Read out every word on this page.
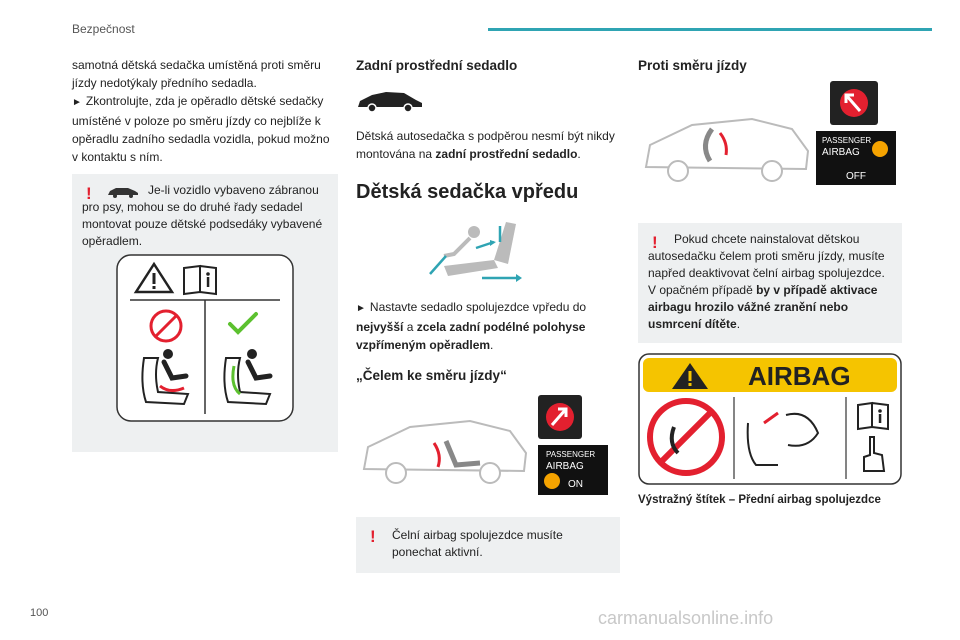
Bezpečnost

samotná dětská sedačka umístěná proti směru jízdy nedotýkaly předního sedadla.

► Zkontrolujte, zda je opěradlo dětské sedačky umístěné v poloze po směru jízdy co nejblíže k opěradlu zadního sedadla vozidla, pokud možno v kontaktu s ním.

!	Je-li vozidlo vybaveno zábranou pro psy, mohou se do druhé řady sedadel montovat pouze dětské podsedáky vybavené opěradlem.

Zadní prostřední sedadlo

Dětská autosedačka s podpěrou nesmí být nikdy montována na zadní prostřední sedadlo.

Dětská sedačka vpředu

► Nastavte sedadlo spolujezdce vpředu do nejvyšší a zcela zadní podélné polohyse vzpřímeným opěradlem.

„Čelem ke směru jízdy“
PASSENGER
AIRBAG
ON
! Čelní airbag spolujezdce musíte ponechat aktivní.

Proti směru jízdy
PASSENGER
AIRBAG
OFF
!	Pokud chcete nainstalovat dětskou autosedačku čelem proti směru jízdy, musíte napřed deaktivovat čelní airbag spolujezdce. V opačném případě by v případě aktivace airbagu hrozilo vážné zranění nebo usmrcení dítěte.

AIRBAG

Výstražný štítek – Přední airbag spolujezdce

100	carmanualsonline.info
